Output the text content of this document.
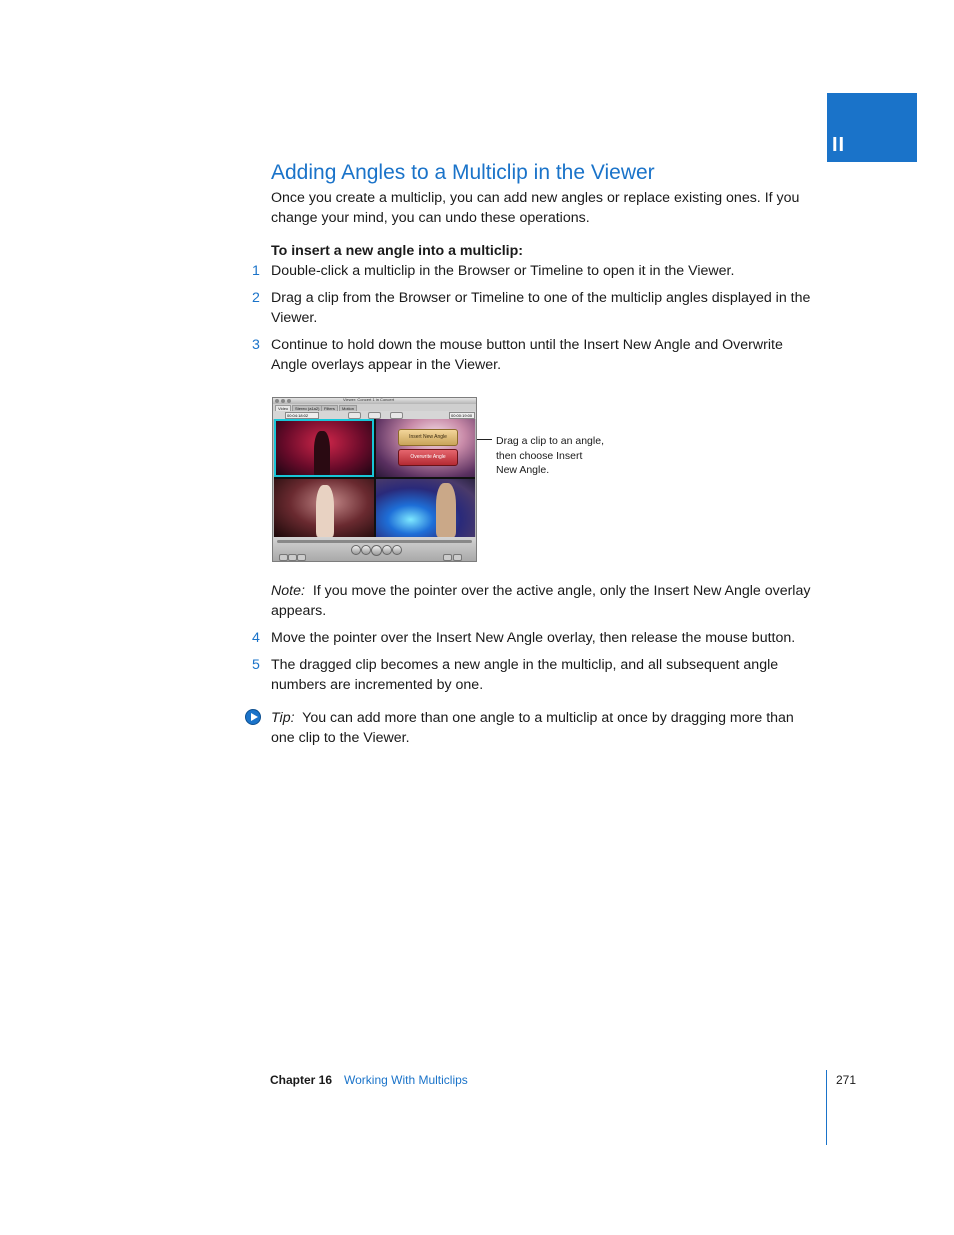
II
Adding Angles to a Multiclip in the Viewer

Once you create a multiclip, you can add new angles or replace existing ones. If you change your mind, you can undo these operations.

To insert a new angle into a multiclip:

1 Double-click a multiclip in the Browser or Timeline to open it in the Viewer.

2 Drag a clip from the Browser or Timeline to one of the multiclip angles displayed in the Viewer.

3 Continue to hold down the mouse button until the Insert New Angle and Overwrite Angle overlays appear in the Viewer.

Viewer: Concert 1 in Concert
Video	Stereo (a1a2)	Filters	Motion
00:04:18:02	00:00:19:00
Insert New Angle
Overwrite Angle

Drag a clip to an angle, then choose Insert New Angle.

Note: If you move the pointer over the active angle, only the Insert New Angle overlay appears.

4 Move the pointer over the Insert New Angle overlay, then release the mouse button.

5 The dragged clip becomes a new angle in the multiclip, and all subsequent angle numbers are incremented by one.

Tip: You can add more than one angle to a multiclip at once by dragging more than one clip to the Viewer.

Chapter 16 Working With Multiclips	271
